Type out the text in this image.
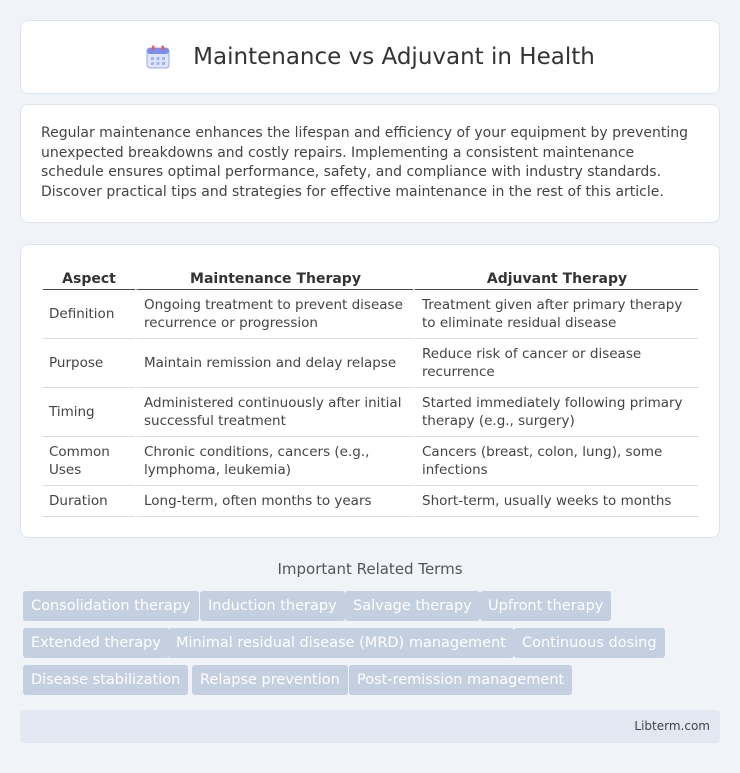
Maintenance vs Adjuvant in Health

Regular maintenance enhances the lifespan and efficiency of your equipment by preventing unexpected breakdowns and costly repairs. Implementing a consistent maintenance schedule ensures optimal performance, safety, and compliance with industry standards. Discover practical tips and strategies for effective maintenance in the rest of this article.

Aspect	Maintenance Therapy	Adjuvant Therapy
Definition	Ongoing treatment to prevent disease recurrence or progression	Treatment given after primary therapy to eliminate residual disease
Purpose	Maintain remission and delay relapse	Reduce risk of cancer or disease recurrence
Timing	Administered continuously after initial successful treatment	Started immediately following primary therapy (e.g., surgery)
Common Uses	Chronic conditions, cancers (e.g., lymphoma, leukemia)	Cancers (breast, colon, lung), some infections
Duration	Long-term, often months to years	Short-term, usually weeks to months
Important Related Terms
Consolidation therapy	Induction therapy	Salvage therapy	Upfront therapy
Extended therapy	Minimal residual disease (MRD) management	Continuous dosing
Disease stabilization	Relapse prevention	Post-remission management
Libterm.com
